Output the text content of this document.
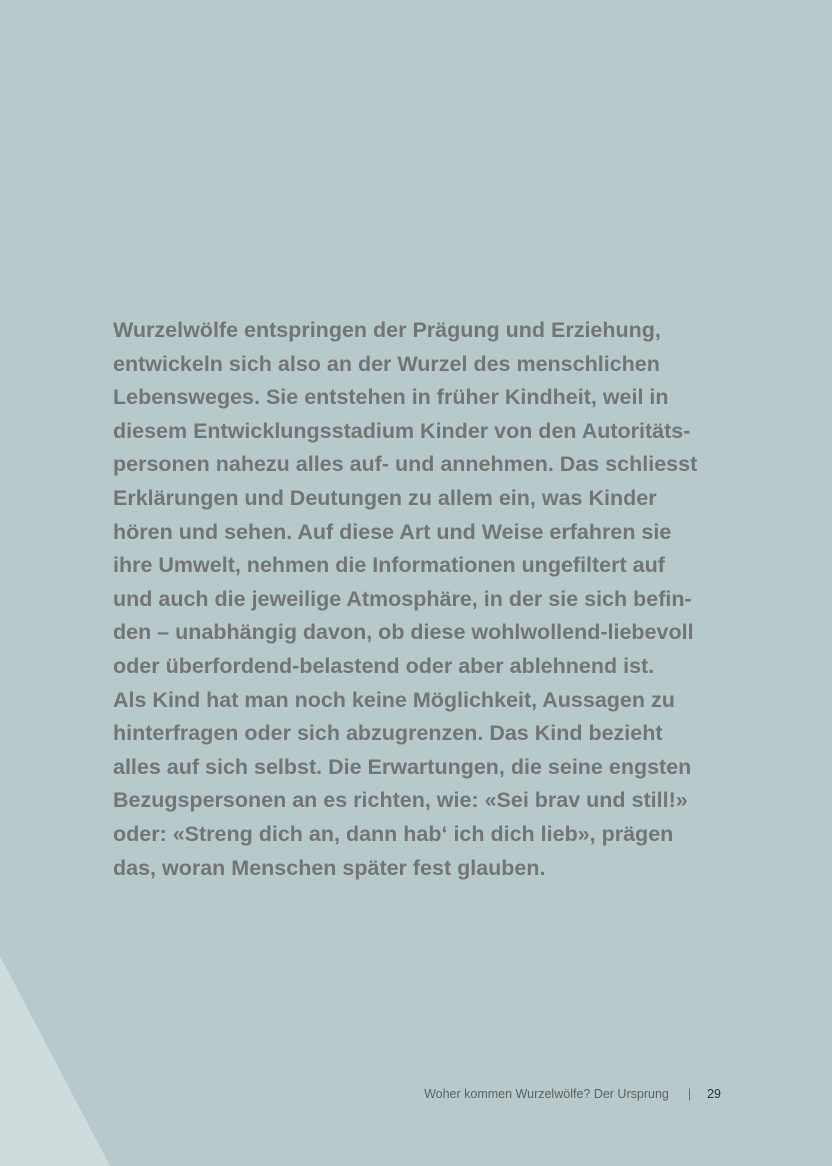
Wurzelwölfe entspringen der Prägung und Erziehung,
entwickeln sich also an der Wurzel des menschlichen
Lebensweges. Sie entstehen in früher Kindheit, weil in
diesem Entwicklungsstadium Kinder von den Autoritäts-
personen nahezu alles auf- und annehmen. Das schliesst
Erklärungen und Deutungen zu allem ein, was Kinder
hören und sehen. Auf diese Art und Weise erfahren sie
ihre Umwelt, nehmen die Informationen ungefiltert auf
und auch die jeweilige Atmosphäre, in der sie sich befin-
den – unabhängig davon, ob diese wohlwollend-liebevoll
oder überfordend-belastend oder aber ablehnend ist.
Als Kind hat man noch keine Möglichkeit, Aussagen zu
hinterfragen oder sich abzugrenzen. Das Kind bezieht
alles auf sich selbst. Die Erwartungen, die seine engsten
Bezugspersonen an es richten, wie: «Sei brav und still!»
oder: «Streng dich an, dann hab‘ ich dich lieb», prägen
das, woran Menschen später fest glauben.

Woher kommen Wurzelwölfe? Der Ursprung | 29
